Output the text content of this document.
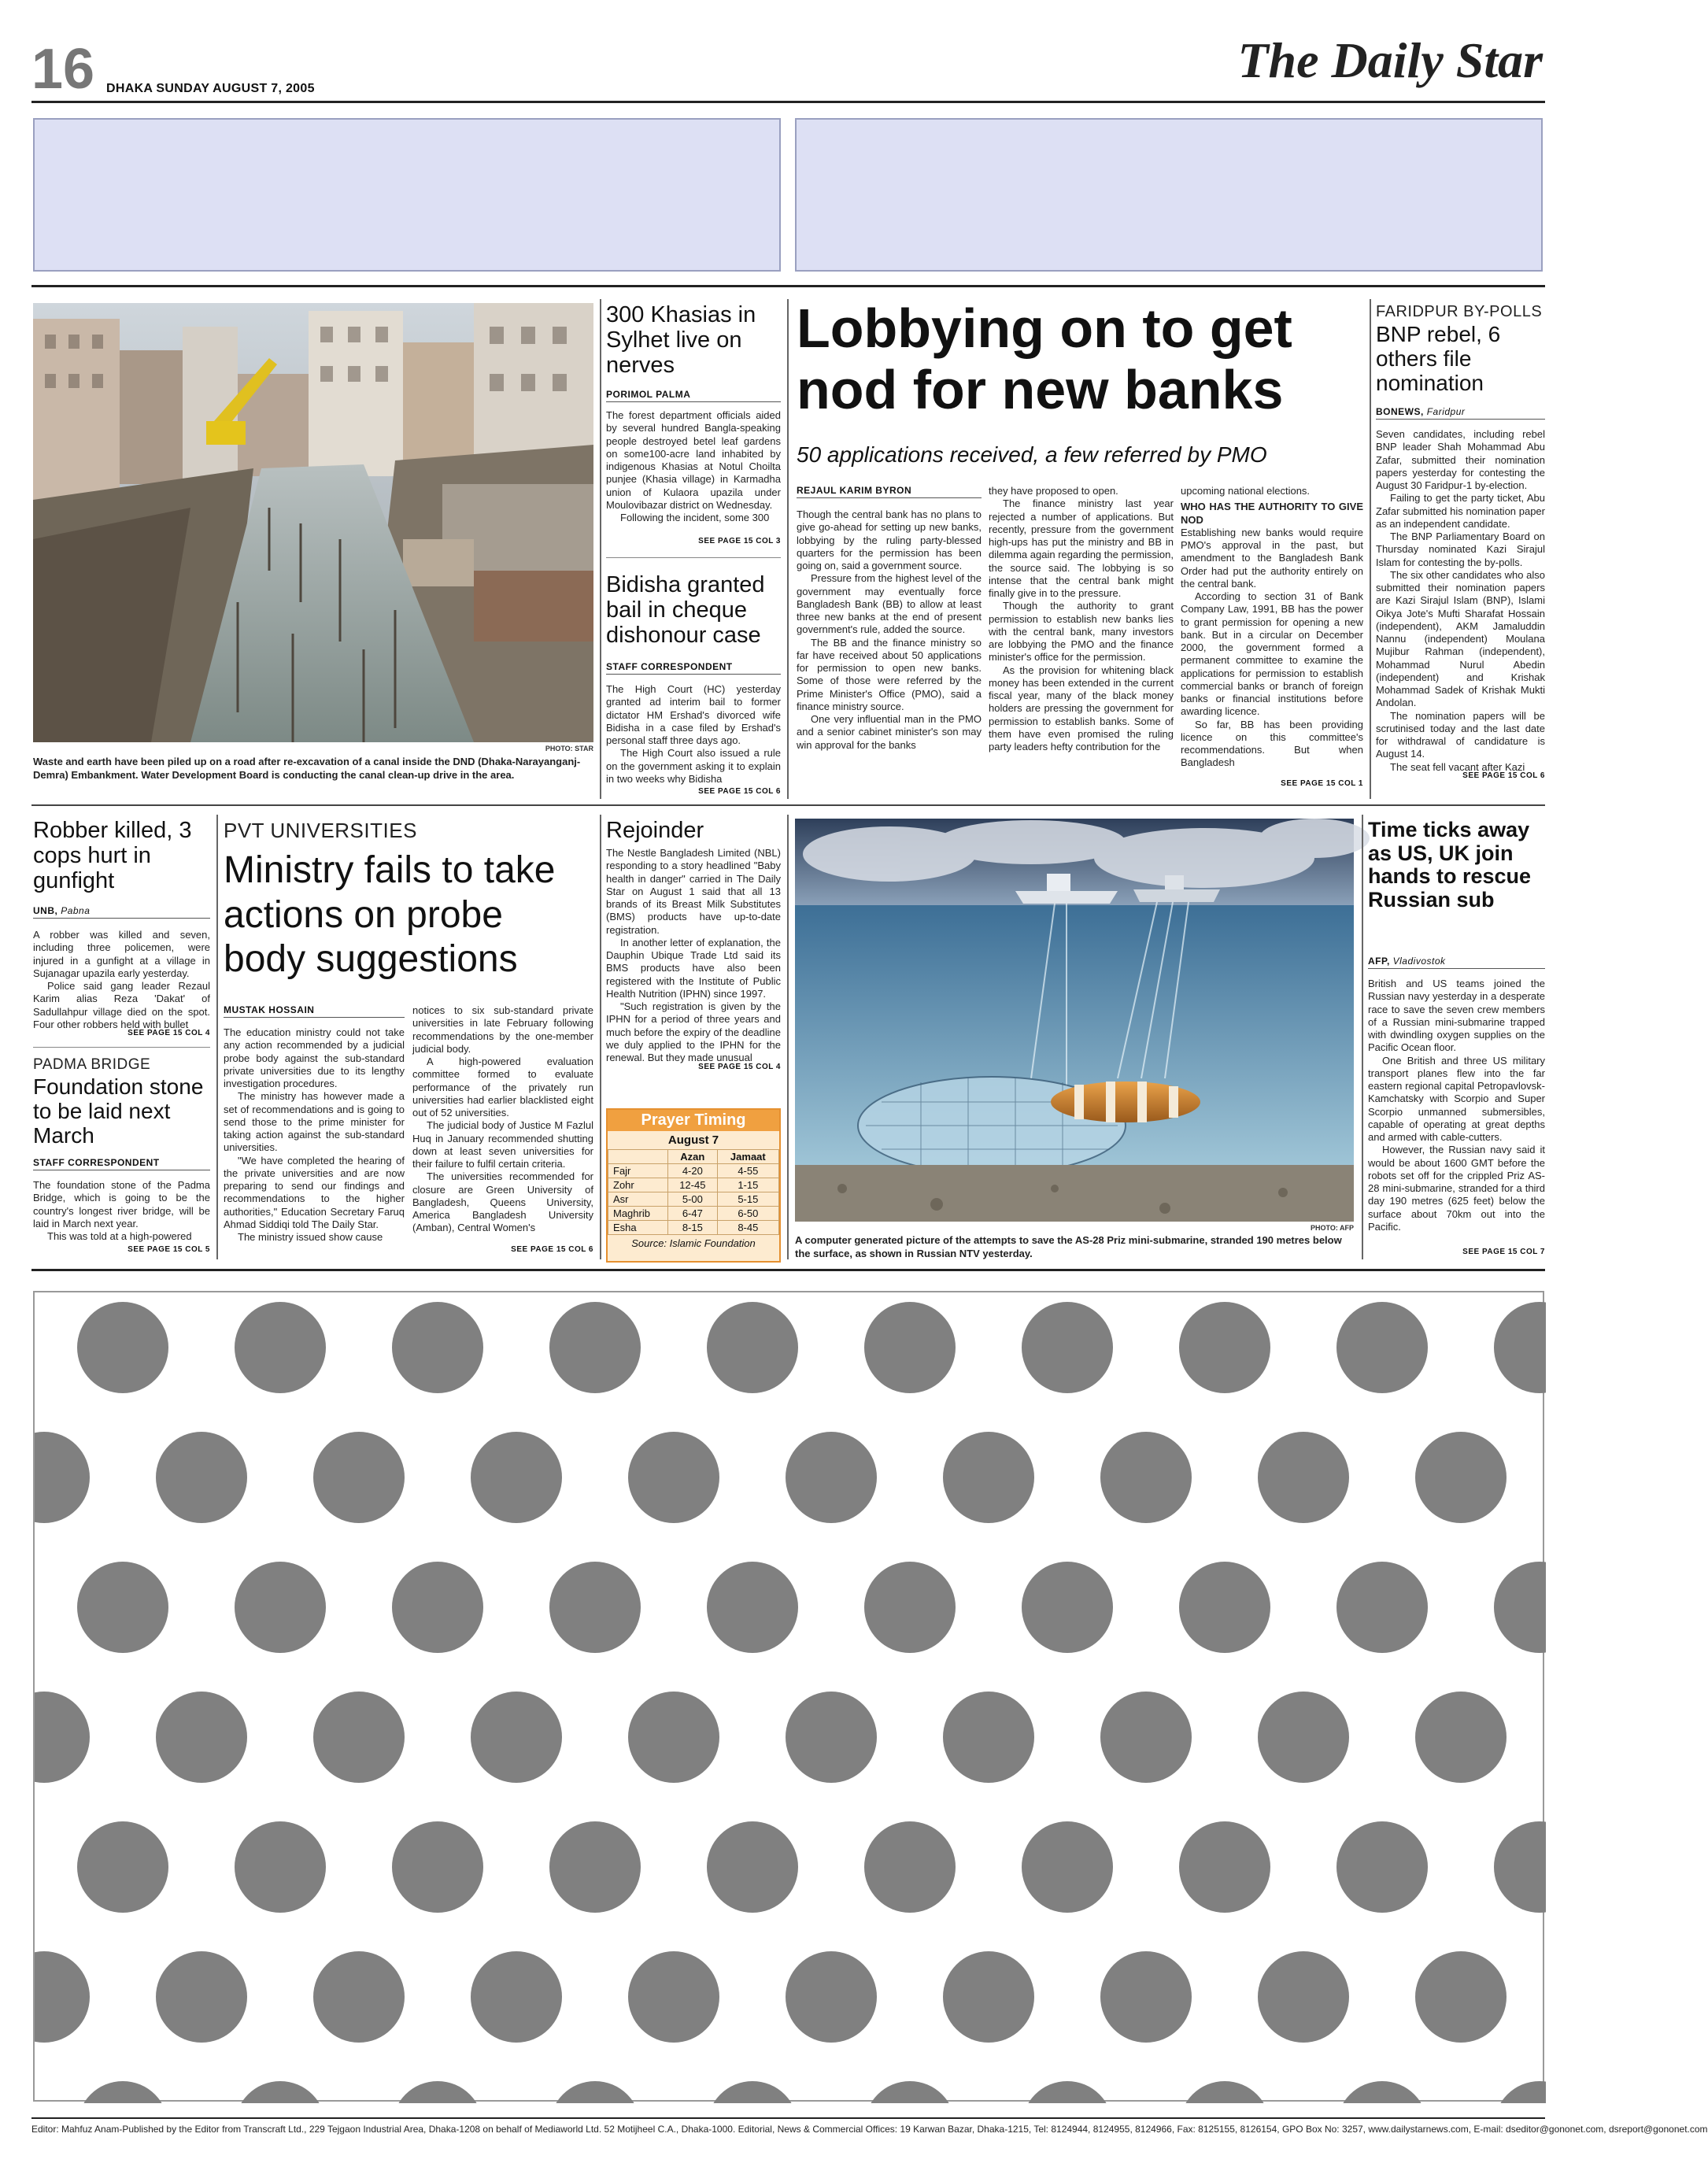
16 DHAKA SUNDAY AUGUST 7, 2005
The Daily Star
PHOTO: STAR
Waste and earth have been piled up on a road after re-excavation of a canal inside the DND (Dhaka-Narayanganj-Demra) Embankment. Water Development Board is conducting the canal clean-up drive in the area.
300 Khasias in Sylhet live on nerves
PORIMOL PALMA

The forest department officials aided by several hundred Bangla-speaking people destroyed betel leaf gardens on some100-acre land inhabited by indigenous Khasias at Notul Choilta punjee (Khasia village) in Karmadha union of Kulaora upazila under Moulovibazar district on Wednesday.

Following the incident, some 300

SEE PAGE 15 COL 3
Bidisha granted bail in cheque dishonour case
STAFF CORRESPONDENT

The High Court (HC) yesterday granted ad interim bail to former dictator HM Ershad's divorced wife Bidisha in a case filed by Ershad's personal staff three days ago.

The High Court also issued a rule on the government asking it to explain in two weeks why Bidisha

SEE PAGE 15 COL 6
Lobbying on to get nod for new banks
50 applications received, a few referred by PMO
REJAUL KARIM BYRON

Though the central bank has no plans to give go-ahead for setting up new banks, lobbying by the ruling party-blessed quarters for the permission has been going on, said a government source.

Pressure from the highest level of the government may eventually force Bangladesh Bank (BB) to allow at least three new banks at the end of present government's rule, added the source.

The BB and the finance ministry so far have received about 50 applications for permission to open new banks. Some of those were referred by the Prime Minister's Office (PMO), said a finance ministry source.

One very influential man in the PMO and a senior cabinet minister's son may win approval for the banks

they have proposed to open.

The finance ministry last year rejected a number of applications. But recently, pressure from the government high-ups has put the ministry and BB in dilemma again regarding the permission, the source said. The lobbying is so intense that the central bank might finally give in to the pressure.

Though the authority to grant permission to establish new banks lies with the central bank, many investors are lobbying the PMO and the finance minister's office for the permission.

As the provision for whitening black money has been extended in the current fiscal year, many of the black money holders are pressing the government for permission to establish banks. Some of them have even promised the ruling party leaders hefty contribution for the

upcoming national elections.

WHO HAS THE AUTHORITY TO GIVE NOD

Establishing new banks would require PMO's approval in the past, but amendment to the Bangladesh Bank Order had put the authority entirely on the central bank.

According to section 31 of Bank Company Law, 1991, BB has the power to grant permission for opening a new bank. But in a circular on December 2000, the government formed a permanent committee to examine the applications for permission to establish commercial banks or branch of foreign banks or financial institutions before awarding licence.

So far, BB has been providing licence on this committee's recommendations. But when Bangladesh

SEE PAGE 15 COL 1
FARIDPUR BY-POLLS
BNP rebel, 6 others file nomination
BONEWS, Faridpur

Seven candidates, including rebel BNP leader Shah Mohammad Abu Zafar, submitted their nomination papers yesterday for contesting the August 30 Faridpur-1 by-election.

Failing to get the party ticket, Abu Zafar submitted his nomination paper as an independent candidate.

The BNP Parliamentary Board on Thursday nominated Kazi Sirajul Islam for contesting the by-polls.

The six other candidates who also submitted their nomination papers are Kazi Sirajul Islam (BNP), Islami Oikya Jote's Mufti Sharafat Hossain (independent), AKM Jamaluddin Nannu (independent) Moulana Mujibur Rahman (independent), Mohammad Nurul Abedin (independent) and Krishak Mohammad Sadek of Krishak Mukti Andolan.

The nomination papers will be scrutinised today and the last date for withdrawal of candidature is August 14.

The seat fell vacant after Kazi

SEE PAGE 15 COL 6
Robber killed, 3 cops hurt in gunfight
UNB, Pabna

A robber was killed and seven, including three policemen, were injured in a gunfight at a village in Sujanagar upazila early yesterday.

Police said gang leader Rezaul Karim alias Reza 'Dakat' of Sadullahpur village died on the spot. Four other robbers held with bullet

SEE PAGE 15 COL 4
PADMA BRIDGE
Foundation stone to be laid next March
STAFF CORRESPONDENT

The foundation stone of the Padma Bridge, which is going to be the country's longest river bridge, will be laid in March next year.

This was told at a high-powered

SEE PAGE 15 COL 5
PVT UNIVERSITIES
Ministry fails to take actions on probe body suggestions
MUSTAK HOSSAIN

The education ministry could not take any action recommended by a judicial probe body against the sub-standard private universities due to its lengthy investigation procedures.

The ministry has however made a set of recommendations and is going to send those to the prime minister for taking action against the sub-standard universities.

"We have completed the hearing of the private universities and are now preparing to send our findings and recommendations to the higher authorities," Education Secretary Faruq Ahmad Siddiqi told The Daily Star.

The ministry issued show cause

notices to six sub-standard private universities in late February following recommendations by the one-member judicial body.

A high-powered evaluation committee formed to evaluate performance of the privately run universities had earlier blacklisted eight out of 52 universities.

The judicial body of Justice M Fazlul Huq in January recommended shutting down at least seven universities for their failure to fulfil certain criteria.

The universities recommended for closure are Green University of Bangladesh, Queens University, America Bangladesh University (Amban), Central Women's

SEE PAGE 15 COL 6
Rejoinder

The Nestle Bangladesh Limited (NBL) responding to a story headlined "Baby health in danger" carried in The Daily Star on August 1 said that all 13 brands of its Breast Milk Substitutes (BMS) products have up-to-date registration.

In another letter of explanation, the Dauphin Ubique Trade Ltd said its BMS products have also been registered with the Institute of Public Health Nutrition (IPHN) since 1997.

"Such registration is given by the IPHN for a period of three years and much before the expiry of the deadline we duly applied to the IPHN for the renewal. But they made unusual

SEE PAGE 15 COL 4
Prayer Timing
August 7
	Azan	Jamaat
Fajr	4-20	4-55
Zohr	12-45	1-15
Asr	5-00	5-15
Maghrib	6-47	6-50
Esha	8-15	8-45
Source: Islamic Foundation
PHOTO: AFP
A computer generated picture of the attempts to save the AS-28 Priz mini-submarine, stranded 190 metres below the surface, as shown in Russian NTV yesterday.
Time ticks away as US, UK join hands to rescue Russian sub
AFP, Vladivostok

British and US teams joined the Russian navy yesterday in a desperate race to save the seven crew members of a Russian mini-submarine trapped with dwindling oxygen supplies on the Pacific Ocean floor.

One British and three US military transport planes flew into the far eastern regional capital Petropavlovsk-Kamchatsky with Scorpio and Super Scorpio unmanned submersibles, capable of operating at great depths and armed with cable-cutters.

However, the Russian navy said it would be about 1600 GMT before the robots set off for the crippled Priz AS-28 mini-submarine, stranded for a third day 190 metres (625 feet) below the surface about 70km out into the Pacific.

SEE PAGE 15 COL 7
Editor: Mahfuz Anam-Published by the Editor from Transcraft Ltd., 229 Tejgaon Industrial Area, Dhaka-1208 on behalf of Mediaworld Ltd. 52 Motijheel C.A., Dhaka-1000. Editorial, News & Commercial Offices: 19 Karwan Bazar, Dhaka-1215, Tel: 8124944, 8124955, 8124966, Fax: 8125155, 8126154, GPO Box No: 3257, www.dailystarnews.com, E-mail: dseditor@gononet.com, dsreport@gononet.com
